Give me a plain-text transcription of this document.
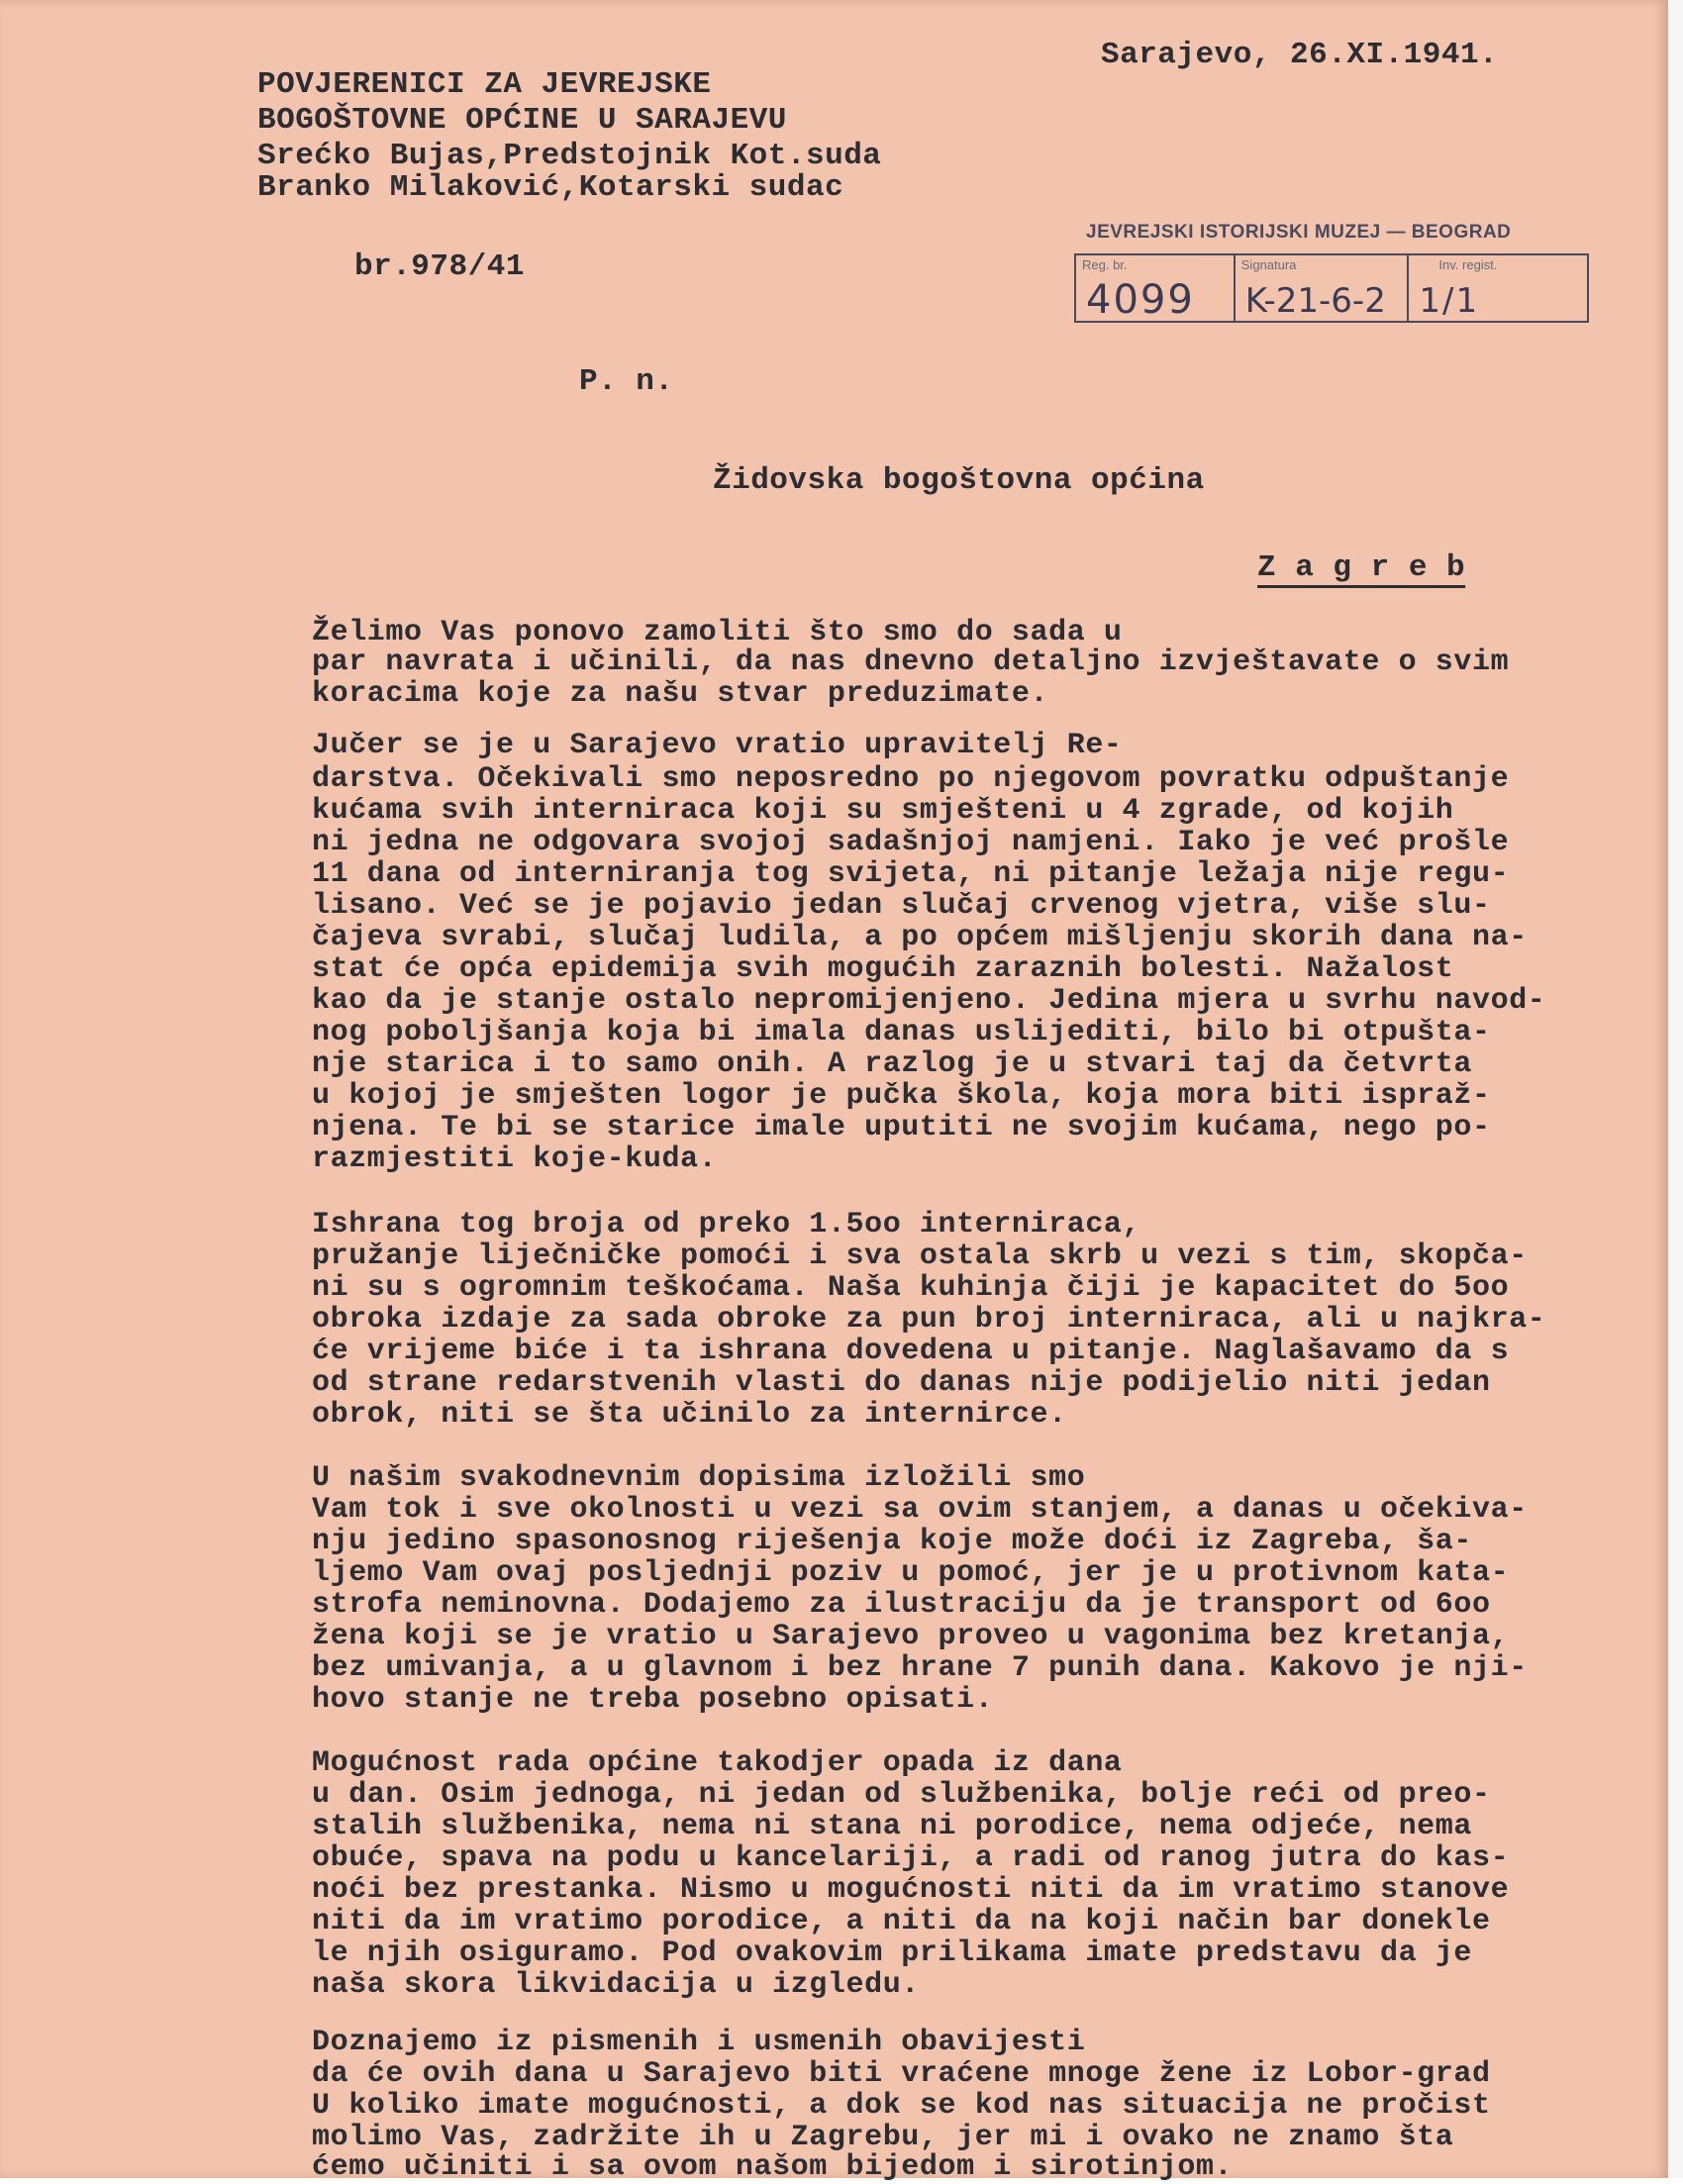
Sarajevo, 26.XI.1941.
POVJERENICI ZA JEVREJSKE
BOGOŠTOVNE OPĆINE U SARAJEVU
Srećko Bujas,Predstojnik Kot.suda
Branko Milaković,Kotarski sudac
br.978/41
JEVREJSKI ISTORIJSKI MUZEJ — BEOGRAD
Reg. br.
4099
Signatura
K-21-6-2
Inv. regist.
1/1
P. n.
Židovska bogoštovna općina
Z a g r e b
Želimo Vas ponovo zamoliti što smo do sada u
par navrata i učinili, da nas dnevno detaljno izvještavate o svim
koracima koje za našu stvar preduzimate.
Jučer se je u Sarajevo vratio upravitelj Re-
darstva. Očekivali smo neposredno po njegovom povratku odpuštanje
kućama svih interniraca koji su smješteni u 4 zgrade, od kojih
ni jedna ne odgovara svojoj sadašnjoj namjeni. Iako je već prošle
11 dana od interniranja tog svijeta, ni pitanje ležaja nije regu-
lisano. Već se je pojavio jedan slučaj crvenog vjetra, više slu-
čajeva svrabi, slučaj ludila, a po općem mišljenju skorih dana na-
stat će opća epidemija svih mogućih zaraznih bolesti. Nažalost
kao da je stanje ostalo nepromijenjeno. Jedina mjera u svrhu navod-
nog poboljšanja koja bi imala danas uslijediti, bilo bi otpušta-
nje starica i to samo onih. A razlog je u stvari taj da četvrta
u kojoj je smješten logor je pučka škola, koja mora biti isprаž-
njena. Te bi se starice imale uputiti ne svojim kućama, nego po-
razmjestiti koje-kuda.
Ishrana tog broja od preko 1.5oo interniraca,
pružanje liječničke pomoći i sva ostala skrb u vezi s tim, skopča-
ni su s ogromnim teškoćama. Naša kuhinja čiji je kapacitet do 5oo
obroka izdaje za sada obroke za pun broj interniraca, ali u najkra-
će vrijeme biće i ta ishrana dovedena u pitanje. Naglašavamo da s
od strane redarstvenih vlasti do danas nije podijelio niti jedan
obrok, niti se šta učinilo za internirce.
U našim svakodnevnim dopisima izložili smo
Vam tok i sve okolnosti u vezi sa ovim stanjem, a danas u očekiva-
nju jedino spasonosnog riješenja koje može doći iz Zagreba, ša-
ljemo Vam ovaj posljednji poziv u pomoć, jer je u protivnom kata-
strofa neminovna. Dodajemo za ilustraciju da je transport od 6oo
žena koji se je vratio u Sarajevo proveo u vagonima bez kretanja,
bez umivanja, a u glavnom i bez hrane 7 punih dana. Kakovo je nji-
hovo stanje ne treba posebno opisati.
Mogućnost rada općine takodjer opada iz dana
u dan. Osim jednoga, ni jedan od službenika, bolje reći od preo-
stalih službenika, nema ni stana ni porodice, nema odjeće, nema
obuće, spava na podu u kancelariji, a radi od ranog jutra do kas-
noći bez prestanka. Nismo u mogućnosti niti da im vratimo stanove
niti da im vratimo porodice, a niti da na koji način bar donekle
le njih osiguramo. Pod ovakovim prilikama imate predstavu da je
naša skora likvidacija u izgledu.
Doznajemo iz pismenih i usmenih obavijesti
da će ovih dana u Sarajevo biti vraćene mnoge žene iz Lobor-grad
U koliko imate mogućnosti, a dok se kod nas situacija ne pročist
molimo Vas, zadržite ih u Zagrebu, jer mi i ovako ne znamo šta
ćemo učiniti i sa ovom našom bijedom i sirotinjom.
